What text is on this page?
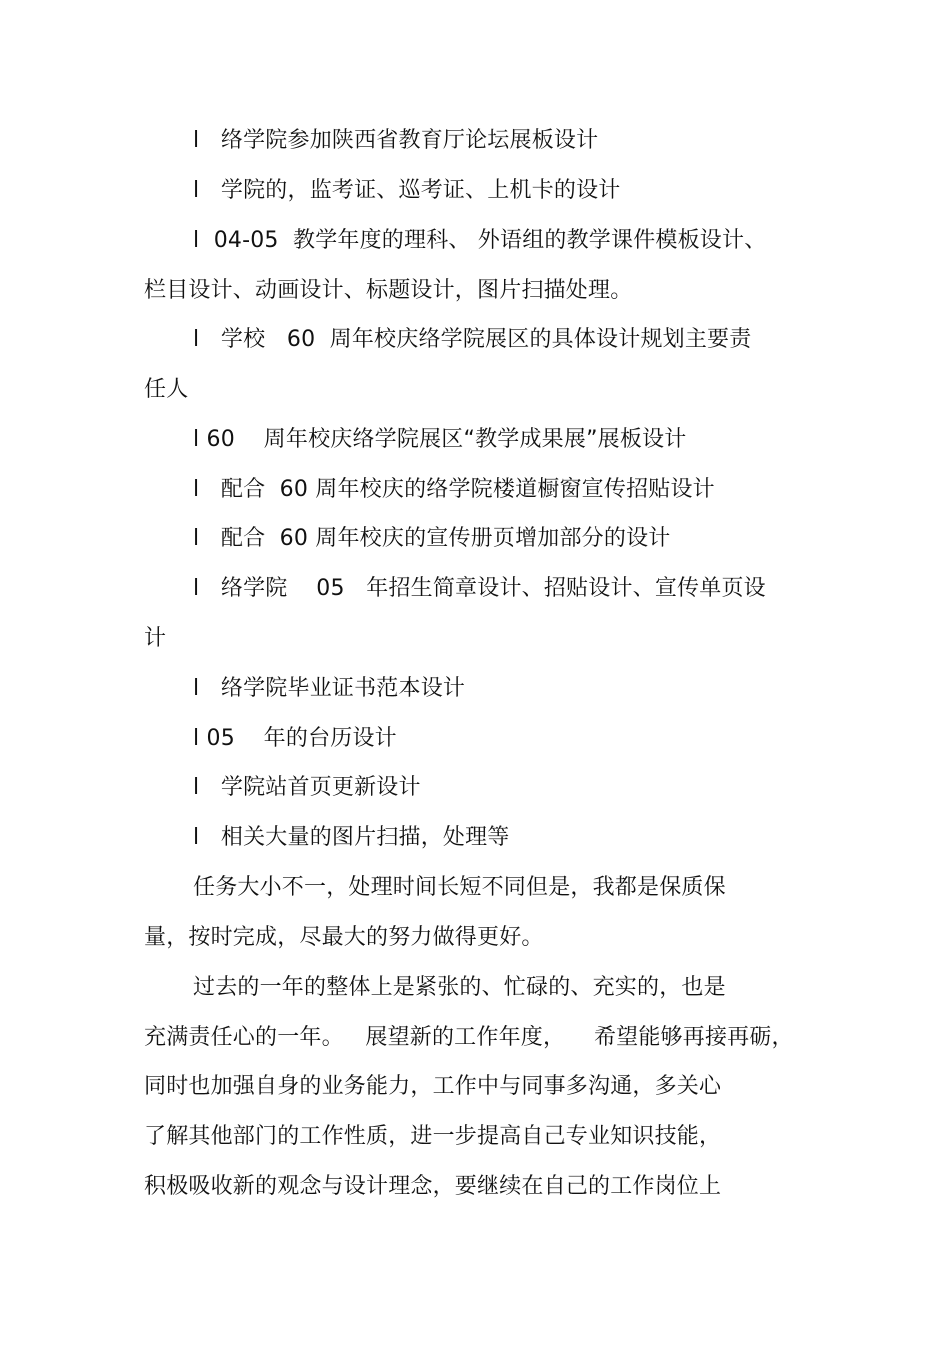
l   络学院参加陕西省教育厅论坛展板设计
l   学院的，监考证、巡考证、上机卡的设计
l  04-05  教学年度的理科、 外语组的教学课件模板设计、
栏目设计、动画设计、标题设计，图片扫描处理。
l   学校   60  周年校庆络学院展区的具体设计规划主要责
任人
l 60    周年校庆络学院展区“教学成果展”展板设计
l   配合  60 周年校庆的络学院楼道橱窗宣传招贴设计
l   配合  60 周年校庆的宣传册页增加部分的设计
l   络学院    05   年招生简章设计、招贴设计、宣传单页设
计
l   络学院毕业证书范本设计
l 05    年的台历设计
l   学院站首页更新设计
l   相关大量的图片扫描，处理等
任务大小不一，处理时间长短不同但是，我都是保质保
量，按时完成，尽最大的努力做得更好。
过去的一年的整体上是紧张的、忙碌的、充实的，也是
充满责任心的一年。   展望新的工作年度，    希望能够再接再砺，
同时也加强自身的业务能力，工作中与同事多沟通，多关心
了解其他部门的工作性质，进一步提高自己专业知识技能，
积极吸收新的观念与设计理念，要继续在自己的工作岗位上
